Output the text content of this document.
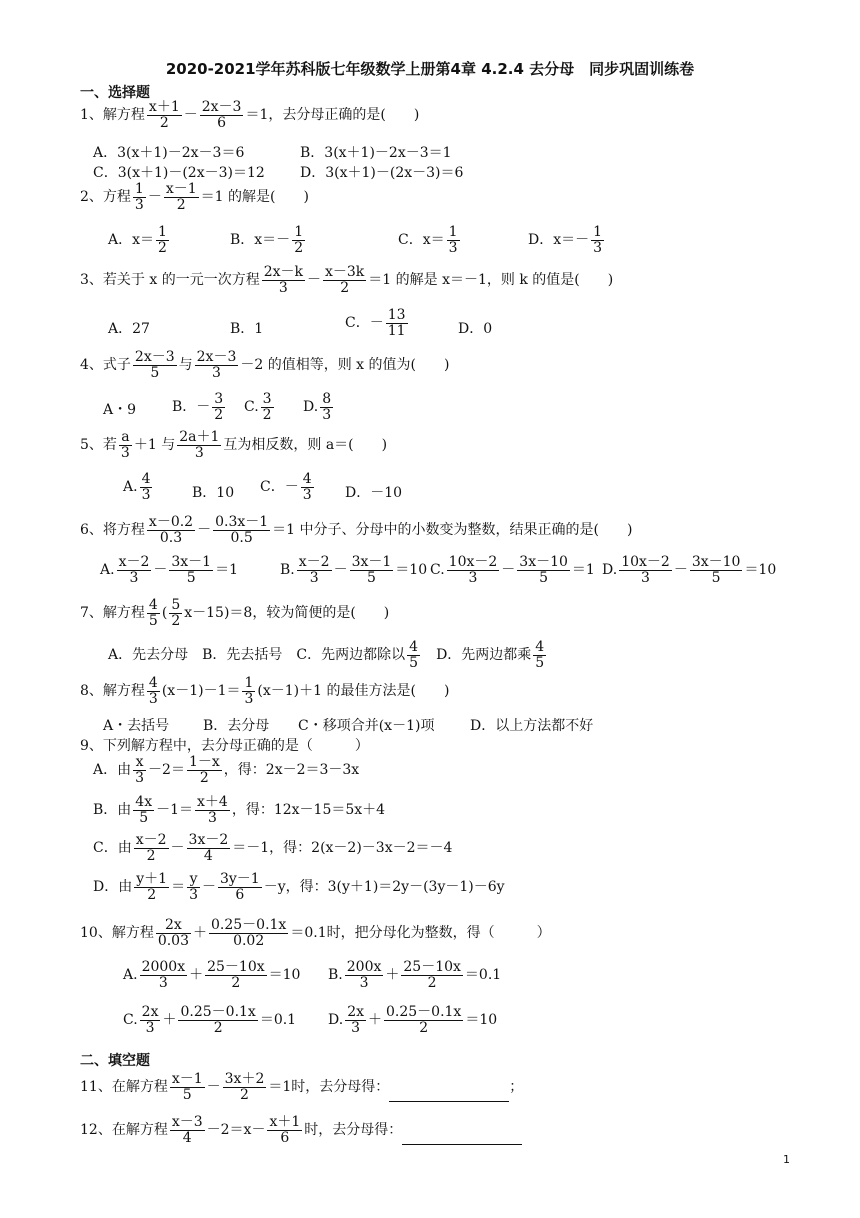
2020-2021学年苏科版七年级数学上册第4章 4.2.4 去分母　同步巩固训练卷
一、选择题
1、解方程 $\frac{x+1}{2} - \frac{2x-3}{6} =1$，去分母正确的是(　　)
A．3(x＋1)－2x－3＝6	B．3(x＋1)－2x－3＝1
C．3(x＋1)－(2x－3)＝12	D．3(x＋1)－(2x－3)＝6
2、方程 $\frac{1}{3} - \frac{x-1}{2} =1$ 的解是(　　)
A．$x= \frac{1}{2}$	B．$x=- \frac{1}{2}$	C．$x= \frac{1}{3}$	D．$x=- \frac{1}{3}$
3、若关于 x 的一元一次方程 $\frac{2x-k}{3} - \frac{x-3k}{2} =1$ 的解是 x＝－1，则 k 的值是(　　)
A．27	B．1	C．－ $\frac{13}{11}$	D．0
4、式子 $\frac{2x-3}{5}$ 与 $\frac{2x-3}{3} -2$ 的值相等，则 x 的值为(　　)
A・9	B．－ $\frac{3}{2} C$. $\frac{3}{2} D$. $\frac{8}{3}$
5、若 $\frac{a}{3} +1$ 与 $\frac{2a+1}{3}$ 互为相反数，则 a＝(　　)
A. $\frac{4}{3}$	B．10 C．－ $\frac{4}{3}$ D．－10
6、将方程 $\frac{x-0.2}{0.3} - \frac{0.3x-1}{0.5} =1$ 中分子、分母中的小数变为整数，结果正确的是(　　)
A. $\frac{x-2}{3} - \frac{3x-1}{5} =1$	B. $\frac{x-2}{3} - \frac{3x-1}{5} =10$ C. $\frac{10x-2}{3} - \frac{3x-10}{5} =1$ D. $\frac{10x-2}{3} - \frac{3x-10}{5} =10$
7、解方程 $\frac{4}{5}$ ( $\frac{5}{2} x-15)=8$，较为简便的是(　　)
A．先去分母　 B．先去括号　 C．先两边都除以 $\frac{4}{5}$
　 D．先两边都乘 $\frac{4}{5}$
8、解方程 $\frac{4}{3} (x-1)-1= \frac{1}{3} (x-1)+1$ 的最佳方法是(　　)
A・去括号 B．去分母 C・移项合并(x－1)项	D．以上方法都不好
9、下列解方程中，去分母正确的是（　　　）
A．由 $\frac{x}{3} -2= \frac{1-x}{2}$ ，得：2x－2＝3－3x
B．由 $\frac{4x}{5} -1= \frac{x+4}{3}$ ，得：12x－15＝5x＋4
C．由 $\frac{x-2}{2} - \frac{3x-2}{4} =-1$，得：2(x－2)－3x－2＝－4
D．由 $\frac{y+1}{2} = \frac{y}{3} - \frac{3y-1}{6} -y$，得：3(y＋1)＝2y－(3y－1)－6y
10、解方程 $\frac{2x}{0.03} + \frac{0.25-0.1x}{0.02} =0.1$时，把分母化为整数，得（　　　）
A. $\frac{2000x}{3} + \frac{25-10x}{2} =10$ B. $\frac{200x}{3} + \frac{25-10x}{2} =0.1$
C. $\frac{2x}{3} + \frac{0.25-0.1x}{2} =0.1$ D. $\frac{2x}{3} + \frac{0.25-0.1x}{2} =10$
二、填空题
11、在解方程 $\frac{x-1}{5} - \frac{3x+2}{2} =1$时，去分母得：	；
12、在解方程 $\frac{x-3}{4} -2=x- \frac{x+1}{6}$ 时，去分母得：
1
